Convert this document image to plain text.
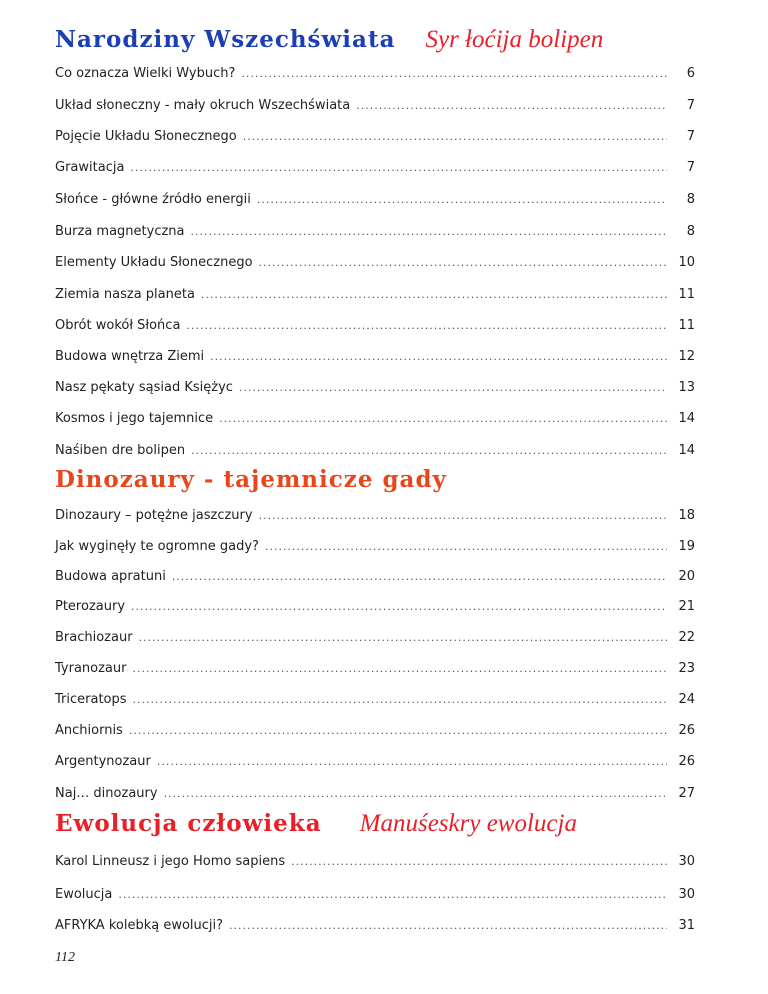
Narodziny Wszechświata Syr łoćija bolipen
Co oznacza Wielki Wybuch? .....	6
Układ słoneczny - mały okruch Wszechświata .....	7
Pojęcie Układu Słonecznego .....	7
Grawitacja .....	7
Słońce - główne źródło energii .....	8
Burza magnetyczna .....	8
Elementy Układu Słonecznego .....	10
Ziemia nasza planeta .....	11
Obrót wokół Słońca .....	11
Budowa wnętrza Ziemi .....	12
Nasz pękaty sąsiad Księżyc .....	13
Kosmos i jego tajemnice .....	14
Naśiben dre bolipen .....	14
Dinozaury - tajemnicze gady
Dinozaury – potężne jaszczury .....	18
Jak wyginęły te ogromne gady? .....	19
Budowa apratuni .....	20
Pterozaury .....	21
Brachiozaur .....	22
Tyranozaur .....	23
Triceratops .....	24
Anchiornis .....	26
Argentynozaur .....	26
Naj… dinozaury .....	27
Ewolucja człowieka Manuśeskry ewolucja
Karol Linneusz i jego Homo sapiens .....	30
Ewolucja .....	30
AFRYKA kolebką ewolucji? .....	31
112
